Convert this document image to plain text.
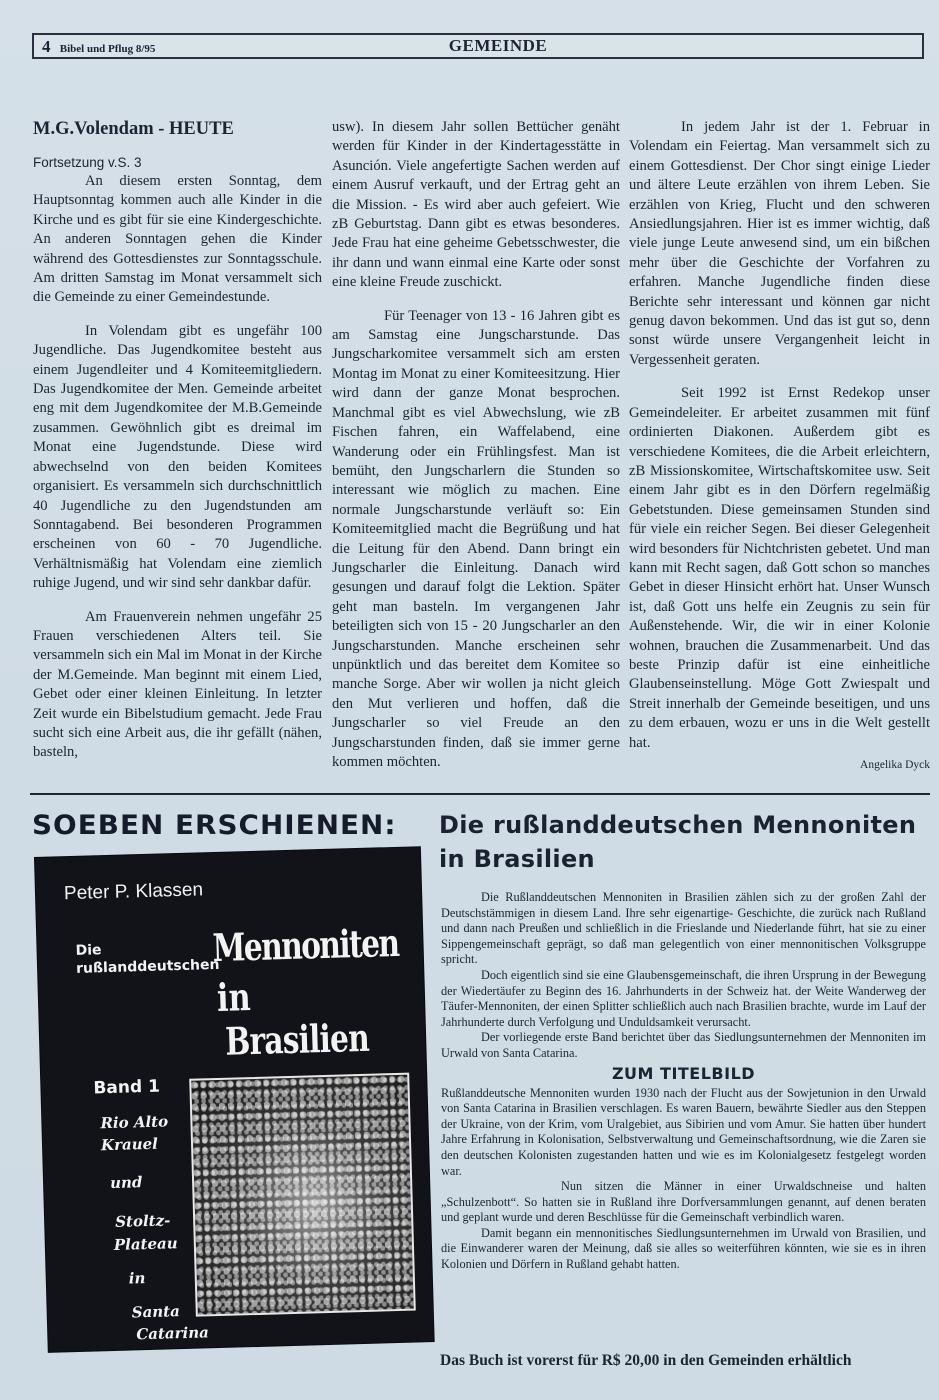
4 Bibel und Pflug 8/95	GEMEINDE

M.G.Volendam - HEUTE

Fortsetzung v.S. 3

An diesem ersten Sonntag, dem Hauptsonntag kommen auch alle Kinder in die Kirche und es gibt für sie eine Kindergeschichte. An anderen Sonntagen gehen die Kinder während des Gottesdienstes zur Sonntagsschule. Am dritten Samstag im Monat versammelt sich die Gemeinde zu einer Gemeindestunde.

In Volendam gibt es ungefähr 100 Jugendliche. Das Jugendkomitee besteht aus einem Jugendleiter und 4 Komiteemitgliedern. Das Jugendkomitee der Men. Gemeinde arbeitet eng mit dem Jugendkomitee der M.B.Gemeinde zusammen. Gewöhnlich gibt es dreimal im Monat eine Jugendstunde. Diese wird abwechselnd von den beiden Komitees organisiert. Es versammeln sich durchschnittlich 40 Jugendliche zu den Jugendstunden am Sonntagabend. Bei besonderen Programmen erscheinen von 60 - 70 Jugendliche. Verhältnismäßig hat Volendam eine ziemlich ruhige Jugend, und wir sind sehr dankbar dafür.

Am Frauenverein nehmen ungefähr 25 Frauen verschiedenen Alters teil. Sie versammeln sich ein Mal im Monat in der Kirche der M.Gemeinde. Man beginnt mit einem Lied, Gebet oder einer kleinen Einleitung. In letzter Zeit wurde ein Bibelstudium gemacht. Jede Frau sucht sich eine Arbeit aus, die ihr gefällt (nähen, basteln,

usw). In diesem Jahr sollen Bettücher genäht werden für Kinder in der Kindertagesstätte in Asunción. Viele angefertigte Sachen werden auf einem Ausruf verkauft, und der Ertrag geht an die Mission. - Es wird aber auch gefeiert. Wie zB Geburtstag. Dann gibt es etwas besonderes. Jede Frau hat eine geheime Gebetsschwester, die ihr dann und wann einmal eine Karte oder sonst eine kleine Freude zuschickt.

Für Teenager von 13 - 16 Jahren gibt es am Samstag eine Jungscharstunde. Das Jungscharkomitee versammelt sich am ersten Montag im Monat zu einer Komiteesitzung. Hier wird dann der ganze Monat besprochen. Manchmal gibt es viel Abwechslung, wie zB Fischen fahren, ein Waffelabend, eine Wanderung oder ein Frühlingsfest. Man ist bemüht, den Jungscharlern die Stunden so interessant wie möglich zu machen. Eine normale Jungscharstunde verläuft so: Ein Komiteemitglied macht die Begrüßung und hat die Leitung für den Abend. Dann bringt ein Jungscharler die Einleitung. Danach wird gesungen und darauf folgt die Lektion. Später geht man basteln. Im vergangenen Jahr beteiligten sich von 15 - 20 Jungscharler an den Jungscharstunden. Manche erscheinen sehr unpünktlich und das bereitet dem Komitee so manche Sorge. Aber wir wollen ja nicht gleich den Mut verlieren und hoffen, daß die Jungscharler so viel Freude an den Jungscharstunden finden, daß sie immer gerne kommen möchten.

In jedem Jahr ist der 1. Februar in Volendam ein Feiertag. Man versammelt sich zu einem Gottesdienst. Der Chor singt einige Lieder und ältere Leute erzählen von ihrem Leben. Sie erzählen von Krieg, Flucht und den schweren Ansiedlungsjahren. Hier ist es immer wichtig, daß viele junge Leute anwesend sind, um ein bißchen mehr über die Geschichte der Vorfahren zu erfahren. Manche Jugendliche finden diese Berichte sehr interessant und können gar nicht genug davon bekommen. Und das ist gut so, denn sonst würde unsere Vergangenheit leicht in Vergessenheit geraten.

Seit 1992 ist Ernst Redekop unser Gemeindeleiter. Er arbeitet zusammen mit fünf ordinierten Diakonen. Außerdem gibt es verschiedene Komitees, die die Arbeit erleichtern, zB Missionskomitee, Wirtschaftskomitee usw. Seit einem Jahr gibt es in den Dörfern regelmäßig Gebetstunden. Diese gemeinsamen Stunden sind für viele ein reicher Segen. Bei dieser Gelegenheit wird besonders für Nichtchristen gebetet. Und man kann mit Recht sagen, daß Gott schon so manches Gebet in dieser Hinsicht erhört hat. Unser Wunsch ist, daß Gott uns helfe ein Zeugnis zu sein für Außenstehende. Wir, die wir in einer Kolonie wohnen, brauchen die Zusammenarbeit. Und das beste Prinzip dafür ist eine einheitliche Glaubenseinstellung. Möge Gott Zwiespalt und Streit innerhalb der Gemeinde beseitigen, und uns zu dem erbauen, wozu er uns in die Welt gestellt hat.

Angelika Dyck
SOEBEN ERSCHIENEN:
Peter P. Klassen
Die
rußlanddeutschen
Mennoniten
in
Brasilien
Band 1
Rio Alto
Krauel
und
Stoltz-
Plateau
in
Santa
Catarina
Die rußlanddeutschen Mennoniten in Brasilien

Die Rußlanddeutschen Mennoniten in Brasilien zählen sich zu der großen Zahl der Deutschstämmigen in diesem Land. Ihre sehr eigenartige- Geschichte, die zurück nach Rußland und dann nach Preußen und schließlich in die Frieslande und Niederlande führt, hat sie zu einer Sippengemeinschaft geprägt, so daß man gelegentlich von einer mennonitischen Volksgruppe spricht.

Doch eigentlich sind sie eine Glaubensgemeinschaft, die ihren Ursprung in der Bewegung der Wiedertäufer zu Beginn des 16. Jahrhunderts in der Schweiz hat. der Weite Wanderweg der Täufer-Mennoniten, der einen Splitter schließlich auch nach Brasilien brachte, wurde im Lauf der Jahrhunderte durch Verfolgung und Unduldsamkeit verursacht.

Der vorliegende erste Band berichtet über das Siedlungsunternehmen der Mennoniten im Urwald von Santa Catarina.

ZUM TITELBILD

Rußlanddeutsche Mennoniten wurden 1930 nach der Flucht aus der Sowjetunion in den Urwald von Santa Catarina in Brasilien verschlagen. Es waren Bauern, bewährte Siedler aus den Steppen der Ukraine, von der Krim, vom Uralgebiet, aus Sibirien und vom Amur. Sie hatten über hundert Jahre Erfahrung in Kolonisation, Selbstverwaltung und Gemeinschaftsordnung, wie die Zaren sie den deutschen Kolonisten zugestanden hatten und wie es im Kolonialgesetz festgelegt worden war.

Nun sitzen die Männer in einer Urwaldschneise und halten „Schulzenbott“. So hatten sie in Rußland ihre Dorfversammlungen genannt, auf denen beraten und geplant wurde und deren Beschlüsse für die Gemeinschaft verbindlich waren.

Damit begann ein mennonitisches Siedlungsunternehmen im Urwald von Brasilien, und die Einwanderer waren der Meinung, daß sie alles so weiterführen könnten, wie sie es in ihren Kolonien und Dörfern in Rußland gehabt hatten.

Das Buch ist vorerst für R$ 20,00 in den Gemeinden erhältlich
